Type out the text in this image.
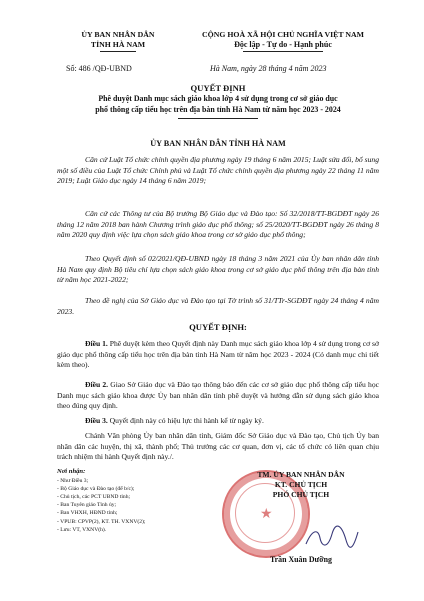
ỦY BAN NHÂN DÂN
TỈNH HÀ NAM
CỘNG HOÀ XÃ HỘI CHỦ NGHĨA VIỆT NAM
Độc lập - Tự do - Hạnh phúc
Số: 486 /QĐ-UBND	Hà Nam, ngày 28 tháng 4 năm 2023
QUYẾT ĐỊNH
Phê duyệt Danh mục sách giáo khoa lớp 4 sử dụng trong cơ sở giáo dục
phổ thông cấp tiểu học trên địa bàn tỉnh Hà Nam từ năm học 2023 - 2024
ỦY BAN NHÂN DÂN TỈNH HÀ NAM
Căn cứ Luật Tổ chức chính quyền địa phương ngày 19 tháng 6 năm 2015; Luật sửa đổi, bổ sung một số điều của Luật Tổ chức Chính phủ và Luật Tổ chức chính quyền địa phương ngày 22 tháng 11 năm 2019; Luật Giáo dục ngày 14 tháng 6 năm 2019;
Căn cứ các Thông tư của Bộ trưởng Bộ Giáo dục và Đào tạo: Số 32/2018/TT-BGDĐT ngày 26 tháng 12 năm 2018 ban hành Chương trình giáo dục phổ thông; số 25/2020/TT-BGDĐT ngày 26 tháng 8 năm 2020 quy định việc lựa chọn sách giáo khoa trong cơ sở giáo dục phổ thông;
Theo Quyết định số 02/2021/QĐ-UBND ngày 18 tháng 3 năm 2021 của Ủy ban nhân dân tỉnh Hà Nam quy định Bộ tiêu chí lựa chọn sách giáo khoa trong cơ sở giáo dục phổ thông trên địa bàn tỉnh từ năm học 2021-2022;
Theo đề nghị của Sở Giáo dục và Đào tạo tại Tờ trình số 31/TTr-SGDĐT ngày 24 tháng 4 năm 2023.
QUYẾT ĐỊNH:
Điều 1. Phê duyệt kèm theo Quyết định này Danh mục sách giáo khoa lớp 4 sử dụng trong cơ sở giáo dục phổ thông cấp tiểu học trên địa bàn tỉnh Hà Nam từ năm học 2023 - 2024 (Có danh mục chi tiết kèm theo).
Điều 2. Giao Sở Giáo dục và Đào tạo thông báo đến các cơ sở giáo dục phổ thông cấp tiểu học Danh mục sách giáo khoa được Ủy ban nhân dân tỉnh phê duyệt và hướng dẫn sử dụng sách giáo khoa theo đúng quy định.
Điều 3. Quyết định này có hiệu lực thi hành kể từ ngày ký.
Chánh Văn phòng Ủy ban nhân dân tỉnh, Giám đốc Sở Giáo dục và Đào tạo, Chủ tịch Ủy ban nhân dân các huyện, thị xã, thành phố; Thủ trưởng các cơ quan, đơn vị, các tổ chức có liên quan chịu trách nhiệm thi hành Quyết định này./.
Nơi nhận:
- Như Điều 3;
- Bộ Giáo dục và Đào tạo (để b/c);
- Chủ tịch, các PCT UBND tỉnh;
- Ban Tuyên giáo Tỉnh ủy;
- Ban VHXH, HĐND tỉnh;
- VPUB: CPVP(2), KT. TH. VXNV(2);
- Lưu: VT, VXNV(h).
★
TM. ỦY BAN NHÂN DÂN
KT. CHỦ TỊCH
PHÓ CHỦ TỊCH
Trần Xuân Dưỡng
